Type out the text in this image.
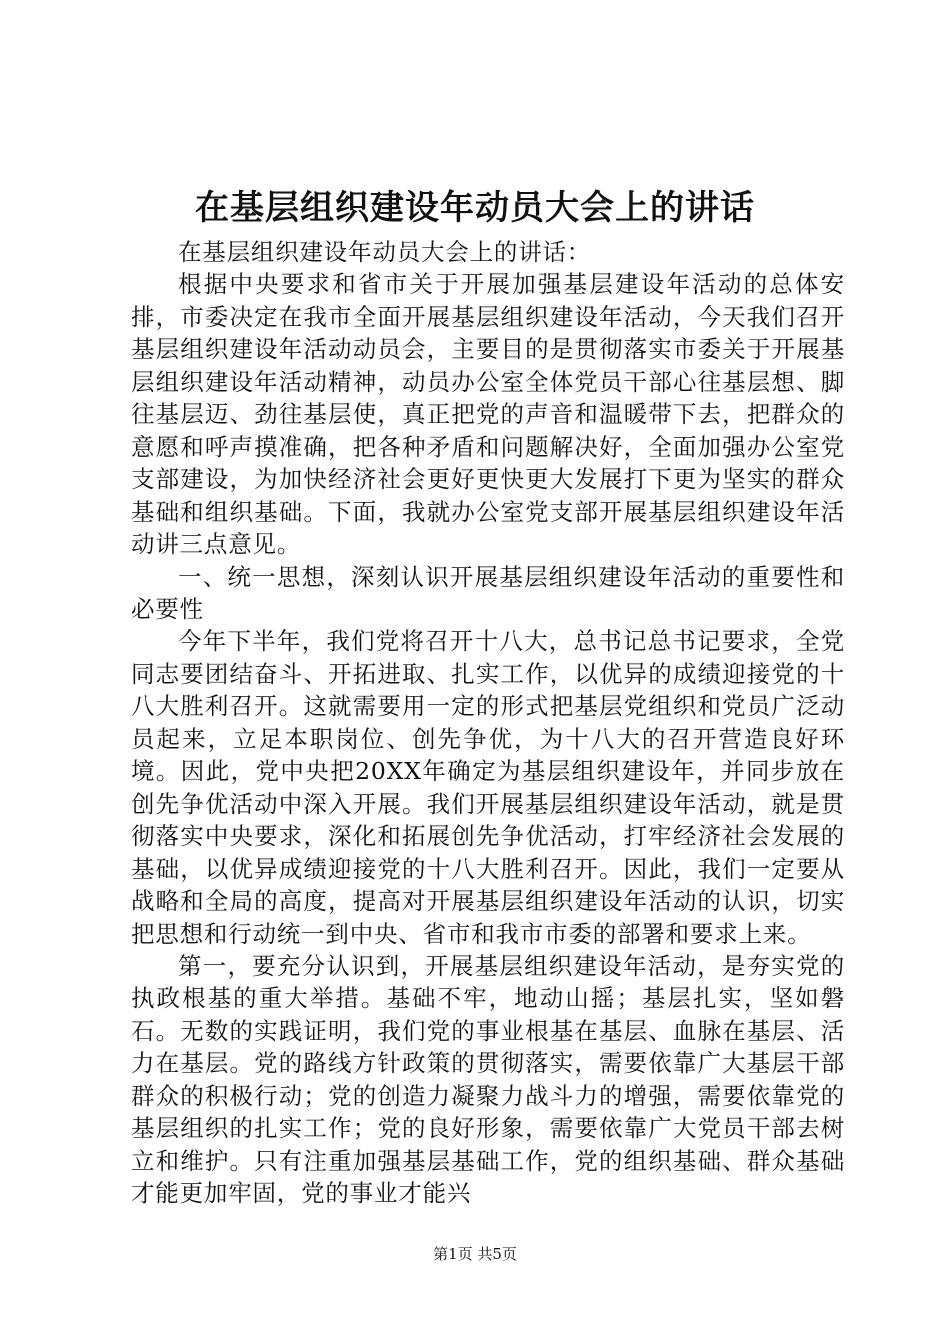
在基层组织建设年动员大会上的讲话

在基层组织建设年动员大会上的讲话：

根据中央要求和省市关于开展加强基层建设年活动的总体安排，市委决定在我市全面开展基层组织建设年活动，今天我们召开基层组织建设年活动动员会，主要目的是贯彻落实市委关于开展基层组织建设年活动精神，动员办公室全体党员干部心往基层想、脚往基层迈、劲往基层使，真正把党的声音和温暖带下去，把群众的意愿和呼声摸准确，把各种矛盾和问题解决好，全面加强办公室党支部建设，为加快经济社会更好更快更大发展打下更为坚实的群众基础和组织基础。下面，我就办公室党支部开展基层组织建设年活动讲三点意见。

一、统一思想，深刻认识开展基层组织建设年活动的重要性和必要性

今年下半年，我们党将召开十八大，总书记总书记要求，全党同志要团结奋斗、开拓进取、扎实工作，以优异的成绩迎接党的十八大胜利召开。这就需要用一定的形式把基层党组织和党员广泛动员起来，立足本职岗位、创先争优，为十八大的召开营造良好环境。因此，党中央把20XX年确定为基层组织建设年，并同步放在创先争优活动中深入开展。我们开展基层组织建设年活动，就是贯彻落实中央要求，深化和拓展创先争优活动，打牢经济社会发展的基础，以优异成绩迎接党的十八大胜利召开。因此，我们一定要从战略和全局的高度，提高对开展基层组织建设年活动的认识，切实把思想和行动统一到中央、省市和我市市委的部署和要求上来。

第一，要充分认识到，开展基层组织建设年活动，是夯实党的执政根基的重大举措。基础不牢，地动山摇；基层扎实，坚如磐石。无数的实践证明，我们党的事业根基在基层、血脉在基层、活力在基层。党的路线方针政策的贯彻落实，需要依靠广大基层干部群众的积极行动；党的创造力凝聚力战斗力的增强，需要依靠党的基层组织的扎实工作；党的良好形象，需要依靠广大党员干部去树立和维护。只有注重加强基层基础工作，党的组织基础、群众基础才能更加牢固，党的事业才能兴

第1页 共5页
